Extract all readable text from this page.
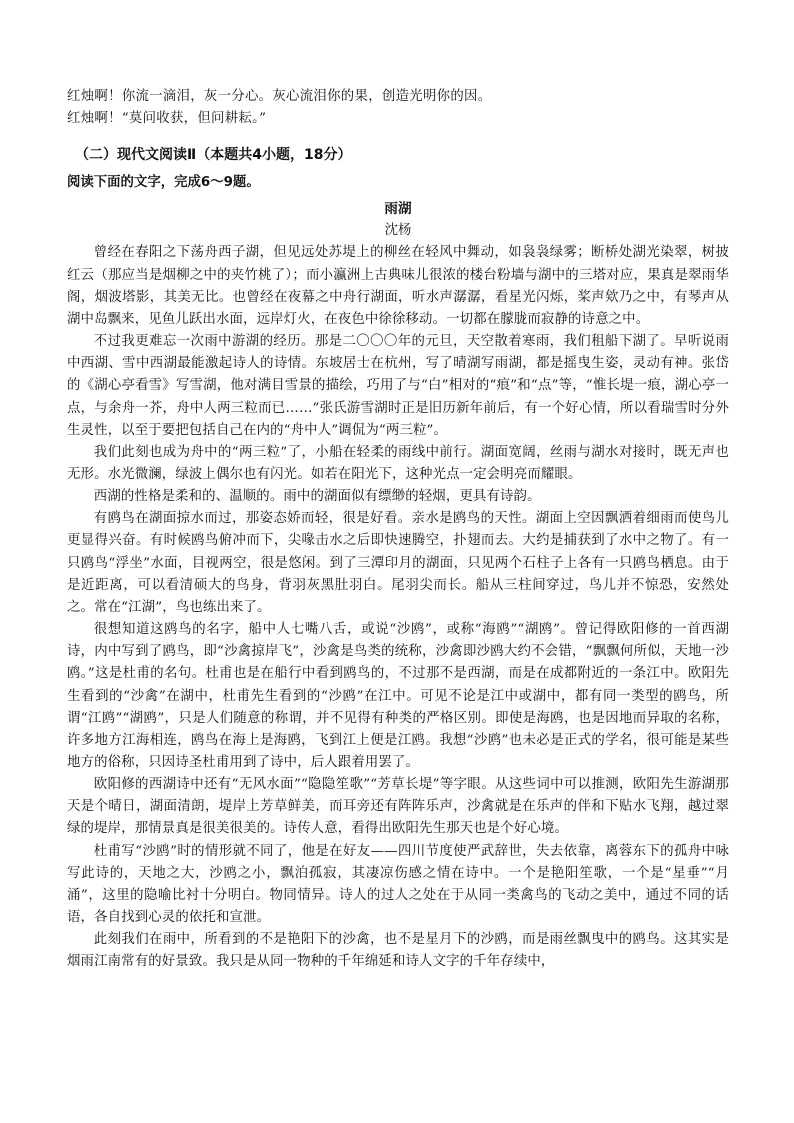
红烛啊！你流一滴泪，灰一分心。灰心流泪你的果，创造光明你的因。
红烛啊！“莫问收获，但问耕耘。”
（二）现代文阅读Ⅱ（本题共4小题，18分）
阅读下面的文字，完成6～9题。
雨湖
沈杨

曾经在春阳之下荡舟西子湖，但见远处苏堤上的柳丝在轻风中舞动，如袅袅绿雾；断桥处湖光染翠，树披红云（那应当是烟柳之中的夹竹桃了）；而小瀛洲上古典味儿很浓的楼台粉墙与湖中的三塔对应，果真是翠雨华阁，烟波塔影，其美无比。也曾经在夜幕之中舟行湖面，听水声潺潺，看星光闪烁，桨声欸乃之中，有琴声从湖中岛飘来，见鱼儿跃出水面，远岸灯火，在夜色中徐徐移动。一切都在朦胧而寂静的诗意之中。

不过我更难忘一次雨中游湖的经历。那是二〇〇〇年的元旦，天空散着寒雨，我们租船下湖了。早听说雨中西湖、雪中西湖最能激起诗人的诗情。东坡居士在杭州，写了晴湖写雨湖，都是摇曳生姿，灵动有神。张岱的《湖心亭看雪》写雪湖，他对满目雪景的描绘，巧用了与“白”相对的“痕”和“点”等，“惟长堤一痕，湖心亭一点，与余舟一芥，舟中人两三粒而已……”张氏游雪湖时正是旧历新年前后，有一个好心情，所以看瑞雪时分外生灵性，以至于要把包括自己在内的“舟中人”调侃为“两三粒”。

我们此刻也成为舟中的“两三粒”了，小船在轻柔的雨线中前行。湖面宽阔，丝雨与湖水对接时，既无声也无形。水光微澜，绿波上偶尔也有闪光。如若在阳光下，这种光点一定会明亮而耀眼。

西湖的性格是柔和的、温顺的。雨中的湖面似有缥缈的轻烟，更具有诗韵。

有鸥鸟在湖面掠水而过，那姿态娇而轻，很是好看。亲水是鸥鸟的天性。湖面上空因飘洒着细雨而使鸟儿更显得兴奋。有时候鸥鸟俯冲而下，尖喙击水之后即快速腾空，扑翅而去。大约是捕获到了水中之物了。有一只鸥鸟“浮坐”水面，目视两空，很是悠闲。到了三潭印月的湖面，只见两个石柱子上各有一只鸥鸟栖息。由于是近距离，可以看清硕大的鸟身，背羽灰黑肚羽白。尾羽尖而长。船从三柱间穿过，鸟儿并不惊恐，安然处之。常在“江湖”，鸟也练出来了。

很想知道这鸥鸟的名字，船中人七嘴八舌，或说“沙鸥”，或称“海鸥”“湖鸥”。曾记得欧阳修的一首西湖诗，内中写到了鸥鸟，即“沙禽掠岸飞”，沙禽是鸟类的统称，沙禽即沙鸥大约不会错，“飘飘何所似，天地一沙鸥。”这是杜甫的名句。杜甫也是在船行中看到鸥鸟的，不过那不是西湖，而是在成都附近的一条江中。欧阳先生看到的“沙禽”在湖中，杜甫先生看到的“沙鸥”在江中。可见不论是江中或湖中，都有同一类型的鸥鸟，所谓“江鸥”“湖鸥”，只是人们随意的称谓，并不见得有种类的严格区别。即使是海鸥，也是因地而异取的名称，许多地方江海相连，鸥鸟在海上是海鸥，飞到江上便是江鸥。我想“沙鸥”也未必是正式的学名，很可能是某些地方的俗称，只因诗圣杜甫用到了诗中，后人跟着用罢了。

欧阳修的西湖诗中还有“无风水面”“隐隐笙歌”“芳草长堤”等字眼。从这些词中可以推测，欧阳先生游湖那天是个晴日，湖面清朗，堤岸上芳草鲜美，而耳旁还有阵阵乐声，沙禽就是在乐声的伴和下贴水飞翔，越过翠绿的堤岸，那情景真是很美很美的。诗传人意，看得出欧阳先生那天也是个好心境。

杜甫写“沙鸥”时的情形就不同了，他是在好友——四川节度使严武辞世，失去依靠，离蓉东下的孤舟中咏写此诗的，天地之大，沙鸥之小，飘泊孤寂，其凄凉伤感之情在诗中。一个是艳阳笙歌，一个是“星垂”“月涌”，这里的隐喻比衬十分明白。物同情异。诗人的过人之处在于从同一类禽鸟的飞动之美中，通过不同的话语，各自找到心灵的依托和宣泄。

此刻我们在雨中，所看到的不是艳阳下的沙禽，也不是星月下的沙鸥，而是雨丝飘曳中的鸥鸟。这其实是烟雨江南常有的好景致。我只是从同一物种的千年绵延和诗人文字的千年存续中，
